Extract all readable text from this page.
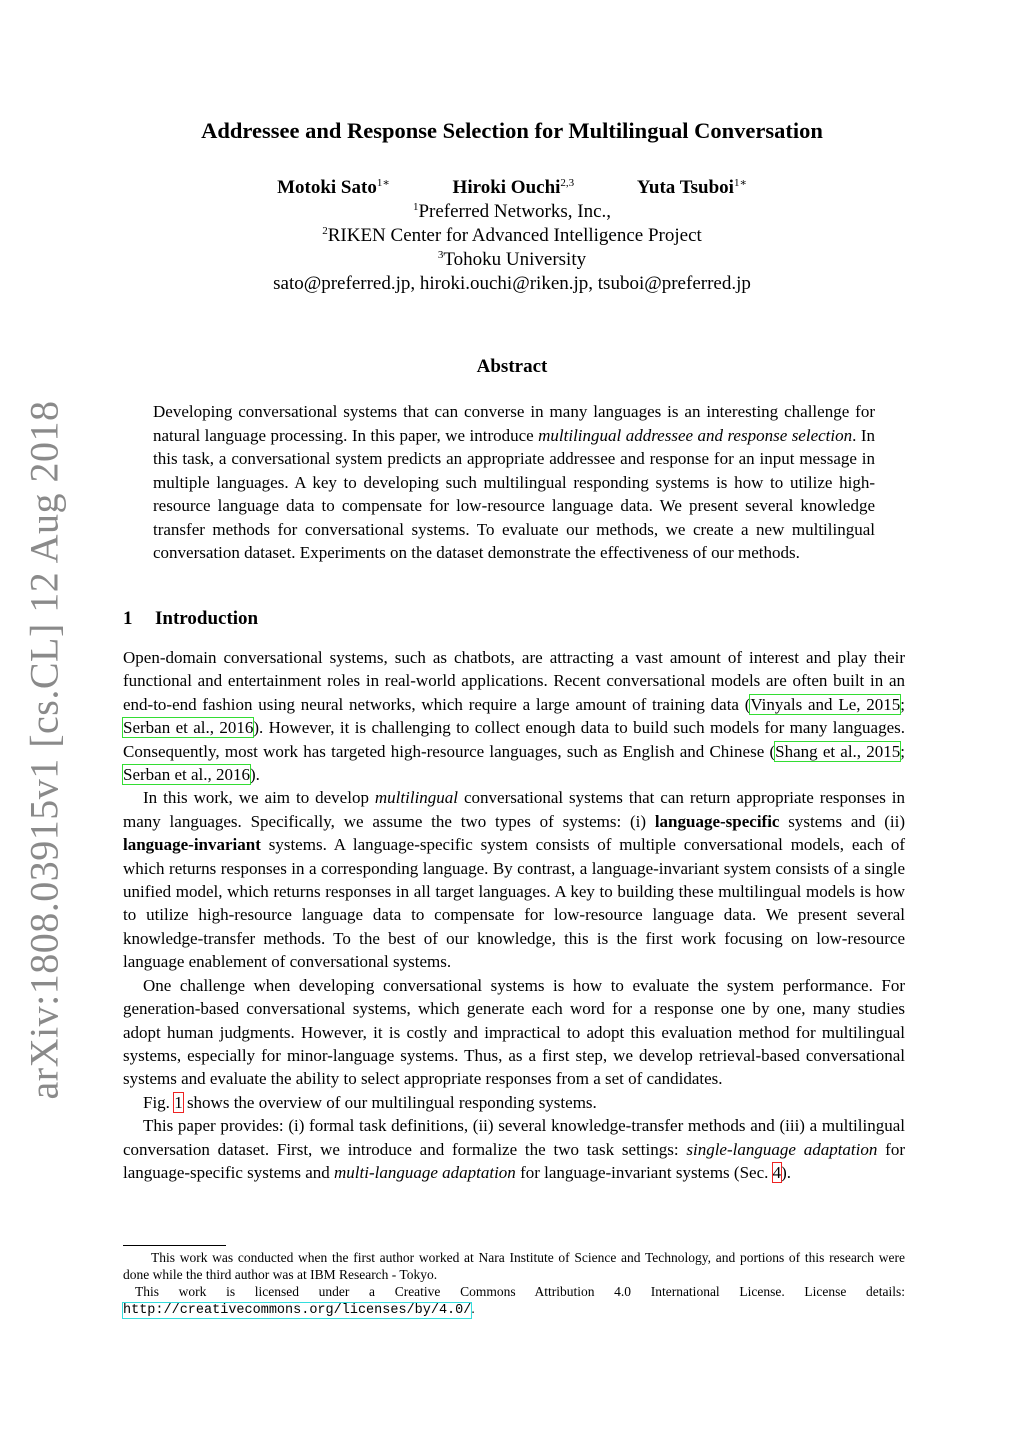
arXiv:1808.03915v1 [cs.CL] 12 Aug 2018
Addressee and Response Selection for Multilingual Conversation
Motoki Sato$^{1∗}$	Hiroki Ouchi$^{2,3}$	Yuta Tsuboi$^{1∗}$
$^1$Preferred Networks, Inc.,
$^2$RIKEN Center for Advanced Intelligence Project
$^3$Tohoku University
sato@preferred.jp, hiroki.ouchi@riken.jp, tsuboi@preferred.jp
Abstract
Developing conversational systems that can converse in many languages is an interesting challenge for natural language processing. In this paper, we introduce multilingual addressee and response selection. In this task, a conversational system predicts an appropriate addressee and response for an input message in multiple languages. A key to developing such multilingual responding systems is how to utilize high-resource language data to compensate for low-resource language data. We present several knowledge transfer methods for conversational systems. To evaluate our methods, we create a new multilingual conversation dataset. Experiments on the dataset demonstrate the effectiveness of our methods.
1 Introduction

Open-domain conversational systems, such as chatbots, are attracting a vast amount of interest and play their functional and entertainment roles in real-world applications. Recent conversational models are often built in an end-to-end fashion using neural networks, which require a large amount of training data (Vinyals and Le, 2015; Serban et al., 2016). However, it is challenging to collect enough data to build such models for many languages. Consequently, most work has targeted high-resource languages, such as English and Chinese (Shang et al., 2015; Serban et al., 2016).

In this work, we aim to develop multilingual conversational systems that can return appropriate responses in many languages. Specifically, we assume the two types of systems: (i) language-specific systems and (ii) language-invariant systems. A language-specific system consists of multiple conversational models, each of which returns responses in a corresponding language. By contrast, a language-invariant system consists of a single unified model, which returns responses in all target languages. A key to building these multilingual models is how to utilize high-resource language data to compensate for low-resource language data. We present several knowledge-transfer methods. To the best of our knowledge, this is the first work focusing on low-resource language enablement of conversational systems.

One challenge when developing conversational systems is how to evaluate the system performance. For generation-based conversational systems, which generate each word for a response one by one, many studies adopt human judgments. However, it is costly and impractical to adopt this evaluation method for multilingual systems, especially for minor-language systems. Thus, as a first step, we develop retrieval-based conversational systems and evaluate the ability to select appropriate responses from a set of candidates.

Fig. 1 shows the overview of our multilingual responding systems.

This paper provides: (i) formal task definitions, (ii) several knowledge-transfer methods and (iii) a multilingual conversation dataset. First, we introduce and formalize the two task settings: single-language adaptation for language-specific systems and multi-language adaptation for language-invariant systems (Sec. 4).

This work was conducted when the first author worked at Nara Institute of Science and Technology, and portions of this research were done while the third author was at IBM Research - Tokyo.

This work is licensed under a Creative Commons Attribution 4.0 International License. License details: http://creativecommons.org/licenses/by/4.0/.
